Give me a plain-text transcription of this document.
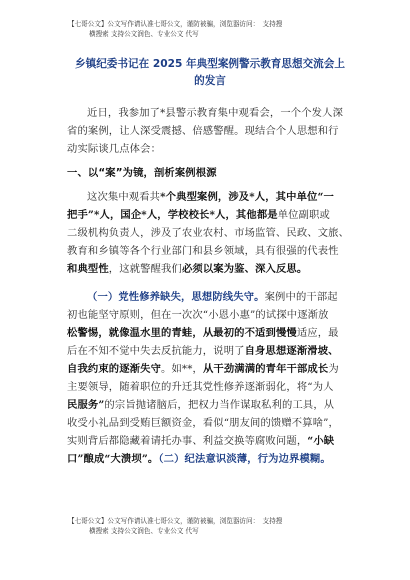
【七哥公文】公文写作请认准七哥公文，谨防被骗，浏览器访问：　支持搜
横搜索 支持公文润色、专业公文 代写
乡镇纪委书记在 2025 年典型案例警示教育思想交流会上
的发言

近日，我参加了*县警示教育集中观看会，一个个发人深
省的案例，让人深受震撼、倍感警醒。现结合个人思想和行
动实际谈几点体会：

一、以“案”为镜，剖析案例根源

这次集中观看共*个典型案例，涉及*人，其中单位“一
把手”*人，国企*人，学校校长*人，其他都是单位副职或
二级机构负责人，涉及了农业农村、市场监管、民政、文旅、
教育和乡镇等各个行业部门和县乡领域，具有很强的代表性
和典型性，这就警醒我们必须以案为鉴、深入反思。

（一）党性修养缺失，思想防线失守。案例中的干部起
初也能坚守原则，但在一次次“小恩小惠”的试探中逐渐放
松警惕，就像温水里的青蛙，从最初的不适到慢慢适应，最
后在不知不觉中失去反抗能力，说明了自身思想逐渐滑坡、
自我约束的逐渐失守。如**，从干劲满满的青年干部成长为
主要领导，随着职位的升迁其党性修养逐渐弱化，将“为人
民服务”的宗旨抛诸脑后，把权力当作谋取私利的工具，从
收受小礼品到受贿巨额资金，看似“朋友间的馈赠不算啥”，
实则背后都隐藏着请托办事、利益交换等腐败问题，“小缺
口”酿成“大溃坝”。（二）纪法意识淡薄，行为边界模糊。

【七哥公文】公文写作请认准七哥公文，谨防被骗，浏览器访问：　支持搜
横搜索 支持公文润色、专业公文 代写
